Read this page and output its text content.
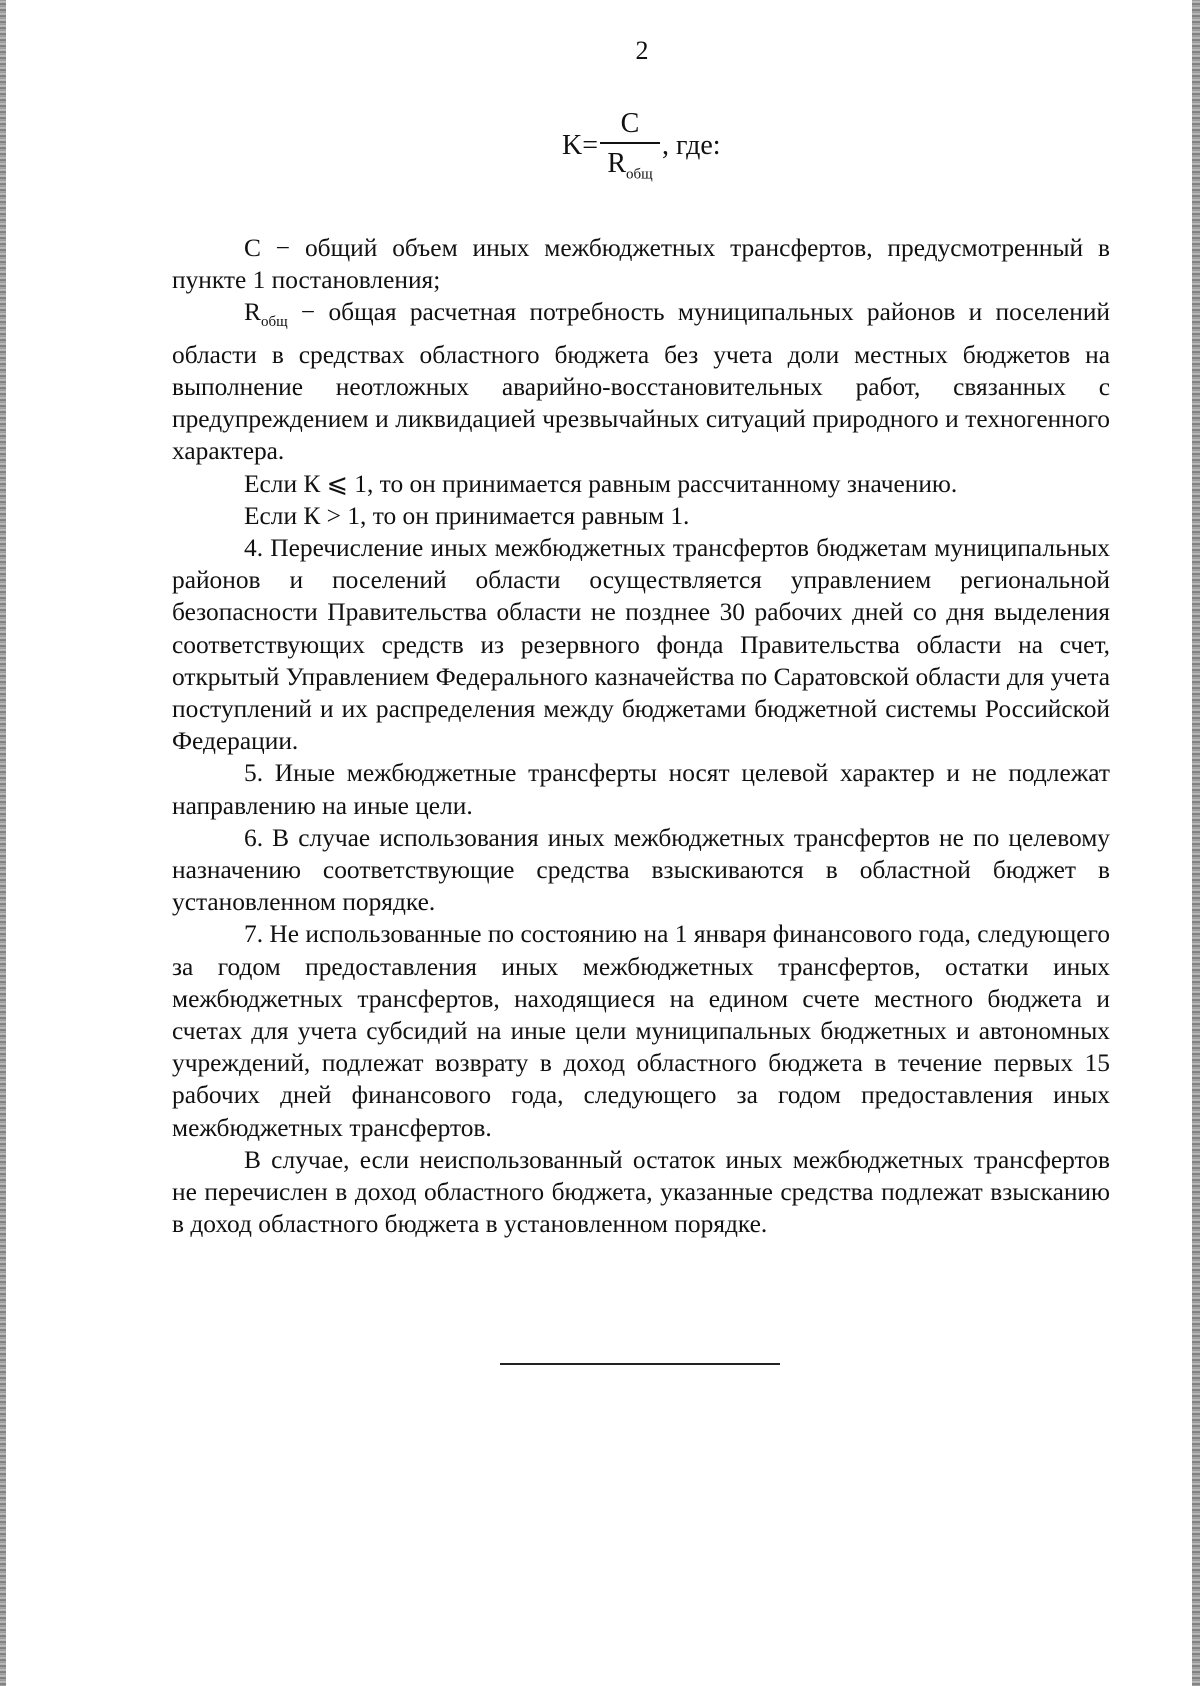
2
$K= \frac{C}{R_{общ}}$ , где:

С − общий объем иных межбюджетных трансфертов, предусмотренный в пункте 1 постановления;

$R_{общ}$ − общая расчетная потребность муниципальных районов и поселений области в средствах областного бюджета без учета доли местных бюджетов на выполнение неотложных аварийно-восстановительных работ, связанных с предупреждением и ликвидацией чрезвычайных ситуаций природного и техногенного характера.

Если К ⩽ 1, то он принимается равным рассчитанному значению.

Если К > 1, то он принимается равным 1.

4. Перечисление иных межбюджетных трансфертов бюджетам муниципальных районов и поселений области осуществляется управлением региональной безопасности Правительства области не позднее 30 рабочих дней со дня выделения соответствующих средств из резервного фонда Правительства области на счет, открытый Управлением Федерального казначейства по Саратовской области для учета поступлений и их распределения между бюджетами бюджетной системы Российской Федерации.

5. Иные межбюджетные трансферты носят целевой характер и не подлежат направлению на иные цели.

6. В случае использования иных межбюджетных трансфертов не по целевому назначению соответствующие средства взыскиваются в областной бюджет в установленном порядке.

7. Не использованные по состоянию на 1 января финансового года, следующего за годом предоставления иных межбюджетных трансфертов, остатки иных межбюджетных трансфертов, находящиеся на едином счете местного бюджета и счетах для учета субсидий на иные цели муниципальных бюджетных и автономных учреждений, подлежат возврату в доход областного бюджета в течение первых 15 рабочих дней финансового года, следующего за годом предоставления иных межбюджетных трансфертов.

В случае, если неиспользованный остаток иных межбюджетных трансфертов не перечислен в доход областного бюджета, указанные средства подлежат взысканию в доход областного бюджета в установленном порядке.
